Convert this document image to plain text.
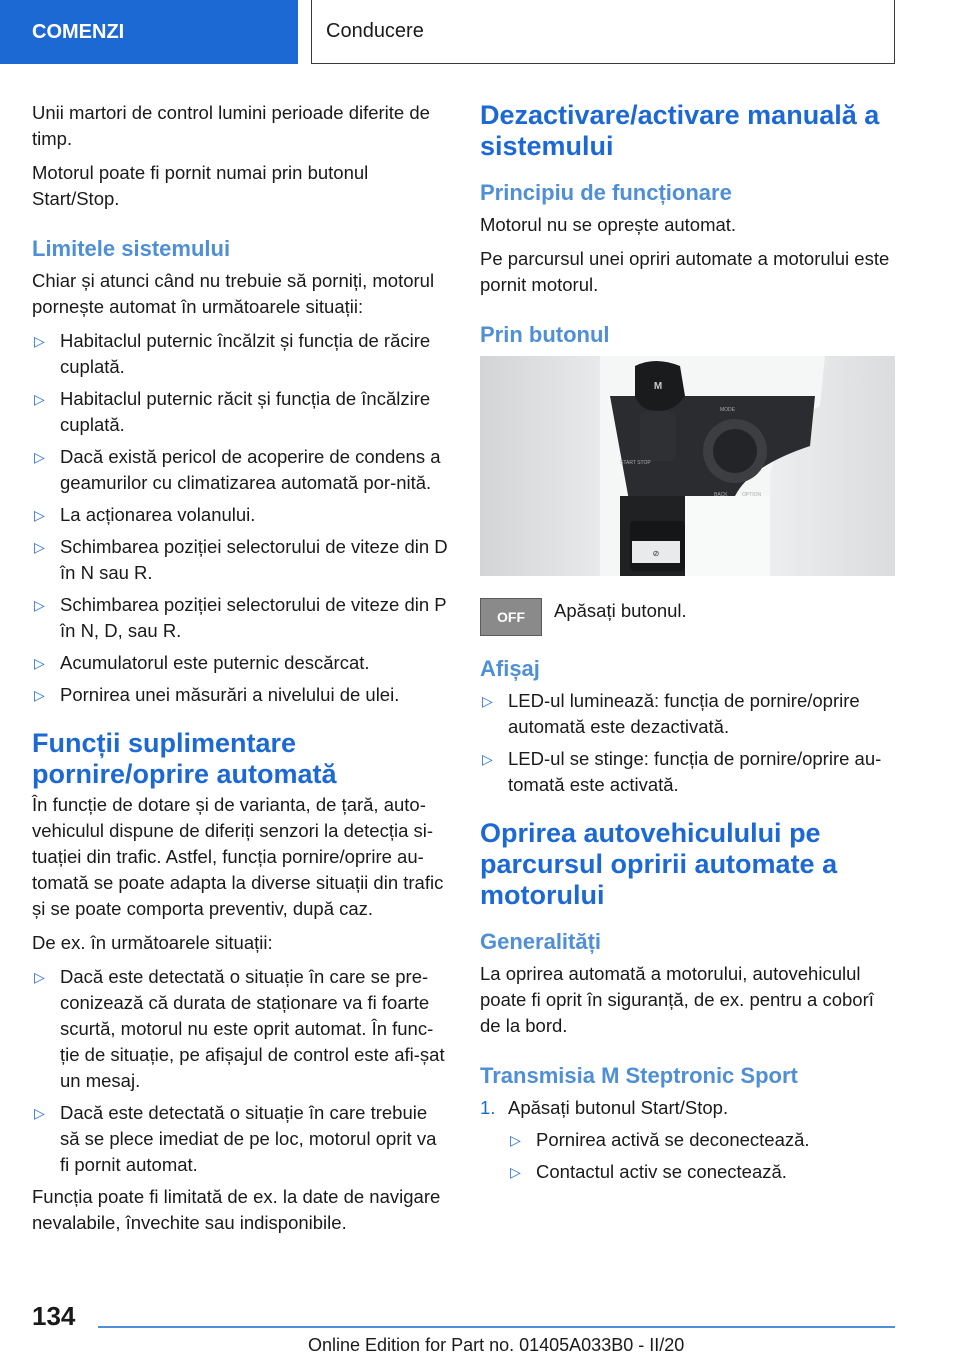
COMENZI	Conducere

Unii martori de control lumini perioade diferite de timp.

Motorul poate fi pornit numai prin butonul Start/Stop.

Limitele sistemului

Chiar și atunci când nu trebuie să porniți, motorul pornește automat în următoarele situații:

▷ Habitaclul puternic încălzit și funcția de răcire cuplată.
▷ Habitaclul puternic răcit și funcția de încălzire cuplată.
▷ Dacă există pericol de acoperire de condens a geamurilor cu climatizarea automată por-nită.
▷ La acționarea volanului.
▷ Schimbarea poziției selectorului de viteze din D în N sau R.
▷ Schimbarea poziției selectorului de viteze din P în N, D, sau R.
▷ Acumulatorul este puternic descărcat.
▷ Pornirea unei măsurări a nivelului de ulei.
Funcții suplimentare pornire/oprire automată

În funcție de dotare și de varianta, de țară, auto-vehiculul dispune de diferiți senzori la detecția si-tuației din trafic. Astfel, funcția pornire/oprire au-tomată se poate adapta la diverse situații din trafic și se poate comporta preventiv, după caz.

De ex. în următoarele situații:

▷ Dacă este detectată o situație în care se pre-conizează că durata de staționare va fi foarte scurtă, motorul nu este oprit automat. În func-ție de situație, pe afișajul de control este afi-șat un mesaj.
▷ Dacă este detectată o situație în care trebuie să se plece imediat de pe loc, motorul oprit va fi pornit automat.

Funcția poate fi limitată de ex. la date de navigare nevalabile, învechite sau indisponibile.

Dezactivare/activare manuală a sistemului
Principiu de funcționare

Motorul nu se oprește automat.

Pe parcursul unei opriri automate a motorului este pornit motorul.

Prin butonul
⊘
M
MODE
BACK	OPTION
START STOP
OFF Apăsați butonul.

Afișaj
▷ LED-ul luminează: funcția de pornire/oprire automată este dezactivată.
▷ LED-ul se stinge: funcția de pornire/oprire au-tomată este activată.
Oprirea autovehiculului pe parcursul opririi automate a motorului
Generalități

La oprirea automată a motorului, autovehiculul poate fi oprit în siguranță, de ex. pentru a coborî de la bord.

Transmisia M Steptronic Sport
1. Apăsați butonul Start/Stop.
▷ Pornirea activă se deconectează.
▷ Contactul activ se conectează.
134
Online Edition for Part no. 01405A033B0 - II/20
